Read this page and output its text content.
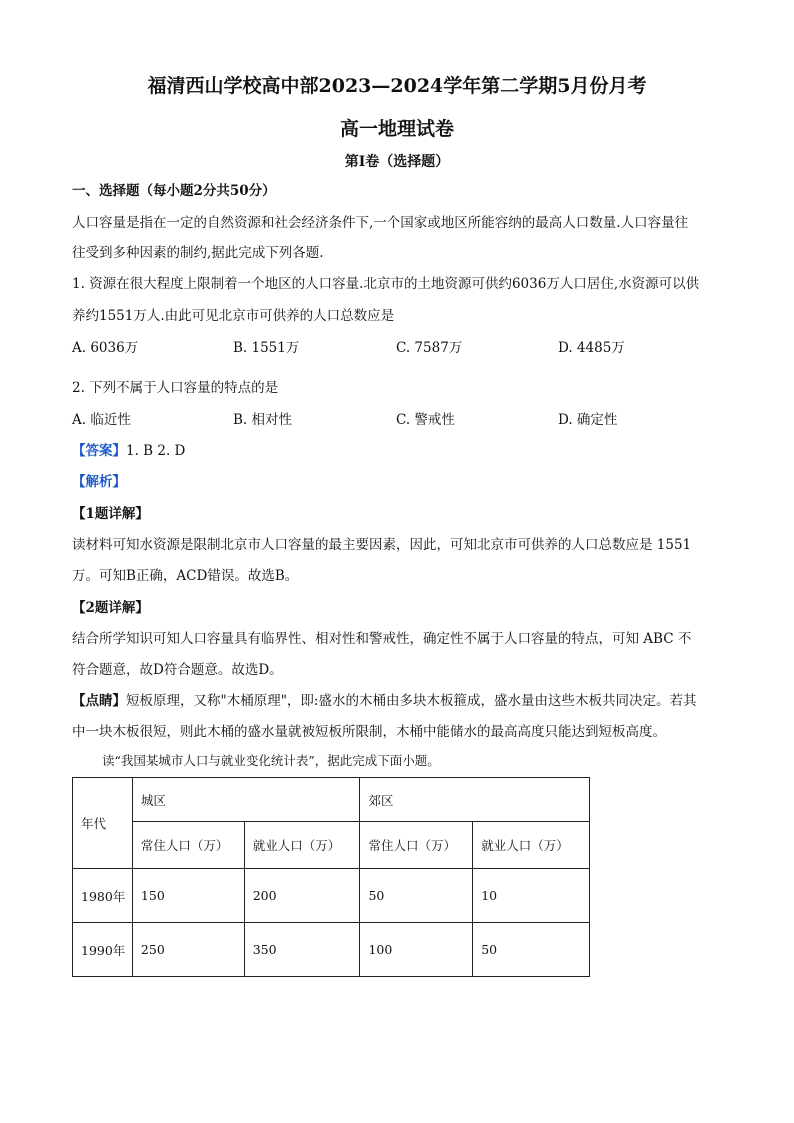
福清西山学校高中部2023—2024学年第二学期5月份月考
高一地理试卷
第Ⅰ卷（选择题）
一、选择题（每小题2分共50分）
人口容量是指在一定的自然资源和社会经济条件下,一个国家或地区所能容纳的最高人口数量.人口容量往
往受到多种因素的制约,据此完成下列各题.
1. 资源在很大程度上限制着一个地区的人口容量.北京市的土地资源可供约6036万人口居住,水资源可以供
养约1551万人.由此可见北京市可供养的人口总数应是
A. 6036万	B. 1551万	C. 7587万	D. 4485万
2. 下列不属于人口容量的特点的是
A. 临近性	B. 相对性	C. 警戒性	D. 确定性
【答案】1. B 2. D
【解析】
【1题详解】
读材料可知水资源是限制北京市人口容量的最主要因素，因此，可知北京市可供养的人口总数应是 1551
万。可知B正确，ACD错误。故选B。
【2题详解】
结合所学知识可知人口容量具有临界性、相对性和警戒性，确定性不属于人口容量的特点，可知 ABC 不
符合题意，故D符合题意。故选D。
【点睛】短板原理，又称"木桶原理"，即:盛水的木桶由多块木板箍成，盛水量由这些木板共同决定。若其
中一块木板很短，则此木桶的盛水量就被短板所限制，木桶中能储水的最高高度只能达到短板高度。
读“我国某城市人口与就业变化统计表”，据此完成下面小题。
年代	城区		郊区	
	常住人口（万）	就业人口（万）	常住人口（万）	就业人口（万）
1980年	150	200	50	10
1990年	250	350	100	50
